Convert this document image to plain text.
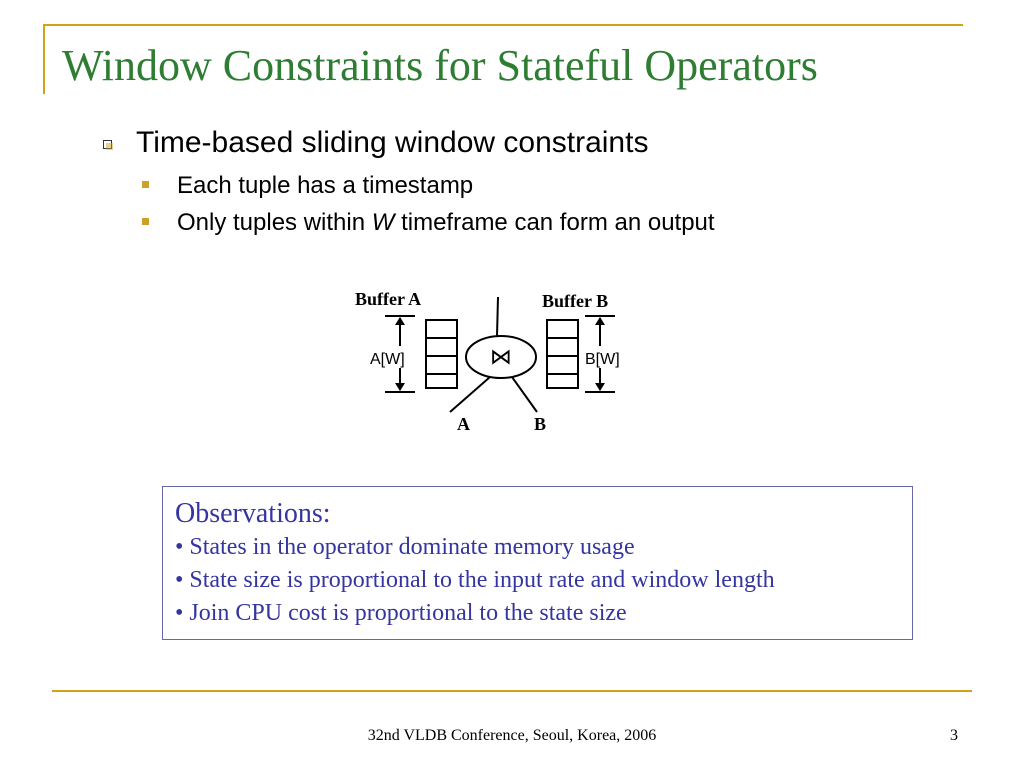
Window Constraints for Stateful Operators
Time-based sliding window constraints
Each tuple has a timestamp
Only tuples within W timeframe can form an output
Buffer A	Buffer B
A[W]	⋈	B[W]
A	B
Observations:
• States in the operator dominate memory usage
• State size is proportional to the input rate and window length
• Join CPU cost is proportional to the state size
32nd VLDB Conference, Seoul, Korea, 2006	3
